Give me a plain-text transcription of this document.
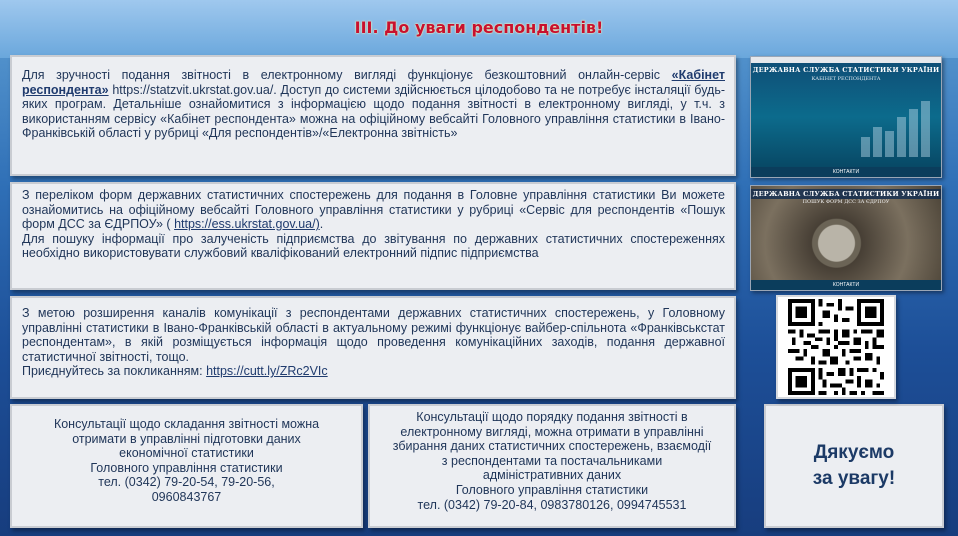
ІІІ. До уваги респондентів!
Для зручності подання звітності в електронному вигляді функціонує безкоштовний онлайн-сервіс «Кабінет респондента» https://statzvit.ukrstat.gov.ua/. Доступ до системи здійснюється цілодобово та не потребує інсталяції будь-яких програм. Детальніше ознайомитися з інформацією щодо подання звітності в електронному вигляді, у т.ч. з використанням сервісу «Кабінет респондента» можна на офіційному вебсайті Головного управління статистики в Івано-Франківській області у рубриці «Для респондентів»/«Електронна звітність»
З переліком форм державних статистичних спостережень для подання в Головне управління статистики Ви можете ознайомитись на офіційному вебсайті Головного управління статистики у рубриці «Сервіс для респондентів «Пошук форм ДСС за ЄДРПОУ» ( https://ess.ukrstat.gov.ua/).
Для пошуку інформації про залученість підприємства до звітування по державних статистичних спостереженнях необхідно використовувати службовий кваліфікований електронний підпис підприємства
З метою розширення каналів комунікації з респондентами державних статистичних спостережень, у Головному управлінні статистики в Івано-Франківській області в актуальному режимі функціонує вайбер-спільнота «Франківськстат респондентам», в якій розміщується інформація щодо проведення комунікаційних заходів, подання державної статистичної звітності, тощо.
Приєднуйтесь за покликанням: https://cutt.ly/ZRc2VIc
Консультації щодо складання звітності можна
отримати в управлінні підготовки даних
економічної статистики
Головного управління статистики
тел. (0342) 79-20-54, 79-20-56,
0960843767
Консультації щодо порядку подання звітності в
електронному вигляді, можна отримати в управлінні
збирання даних статистичних спостережень, взаємодії
з респондентами та постачальниками
адміністративних даних
Головного управління статистики
тел. (0342) 79-20-84, 0983780126, 0994745531
Дякуємо
за увагу!
ДЕРЖАВНА СЛУЖБА СТАТИСТИКИ УКРАЇНИ
КАБІНЕТ РЕСПОНДЕНТА
КОНТАКТИ
ДЕРЖАВНА СЛУЖБА СТАТИСТИКИ УКРАЇНИ
ПОШУК ФОРМ ДСС ЗА ЄДРПОУ
КОНТАКТИ
